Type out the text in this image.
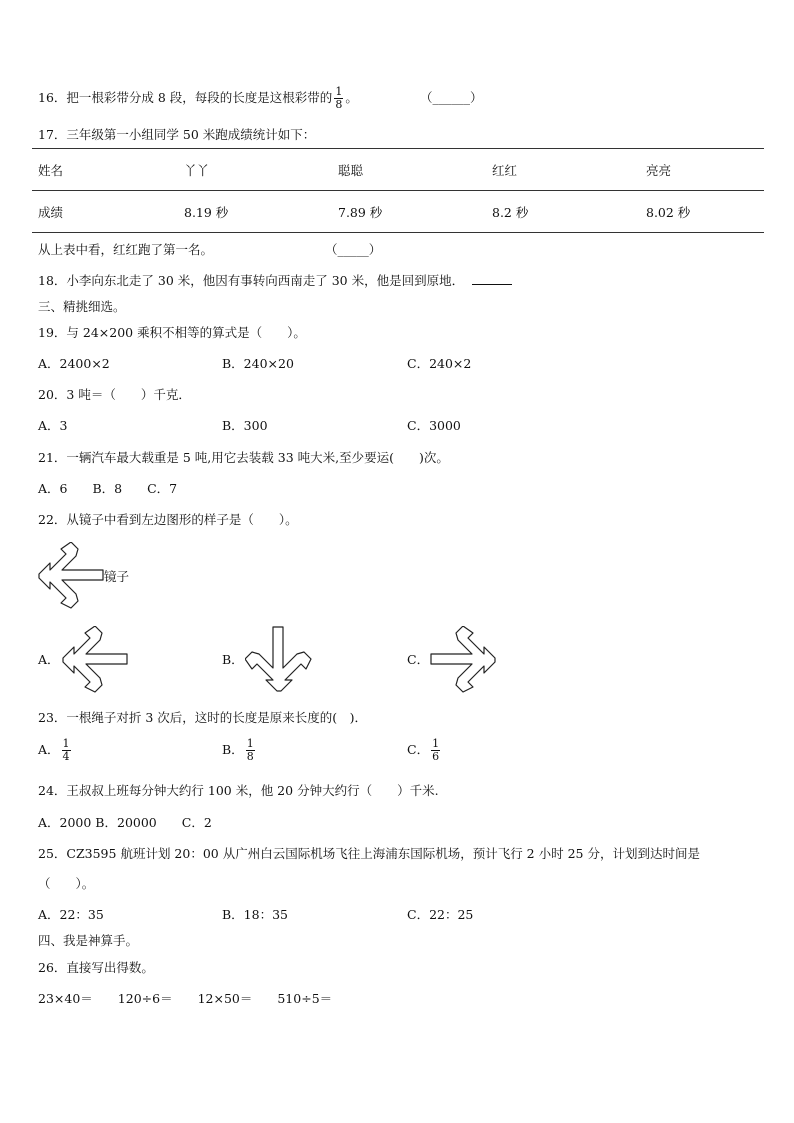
16．把一根彩带分成 8 段，每段的长度是这根彩带的 $\frac{1}{8}$ 。	（______）
17．三年级第一小组同学 50 米跑成绩统计如下：
姓名	丫丫	聪聪	红红	亮亮
成绩	8.19 秒	7.89 秒	8.2 秒	8.02 秒
从上表中看，红红跑了第一名。	（_____）
18．小李向东北走了 30 米，他因有事转向西南走了 30 米，他是回到原地．
三、精挑细选。
19．与 24×200 乘积不相等的算式是（　　）。
A．2400×2	B．240×20	C．240×2
20．3 吨＝（　　）千克．
A．3	B．300	C．3000
21．一辆汽车最大载重是 5 吨,用它去装载 33 吨大米,至少要运(　　)次。
A．6　　B．8　　C．7
22．从镜子中看到左边图形的样子是（　　）。
镜子
A．	B．	C．
23．一根绳子对折 3 次后，这时的长度是原来长度的(　)．
A． $\frac{1}{4}$	B． $\frac{1}{8}$	C． $\frac{1}{6}$
24．王叔叔上班每分钟大约行 100 米，他 20 分钟大约行（　　）千米.
A．2000 B．20000　　C．2
25．CZ3595 航班计划 20：00 从广州白云国际机场飞往上海浦东国际机场，预计飞行 2 小时 25 分，计划到达时间是
（　　）。
A．22：35	B．18：35	C．22：25
四、我是神算手。
26．直接写出得数。
23×40＝　　120÷6＝　　12×50＝　　510÷5＝
